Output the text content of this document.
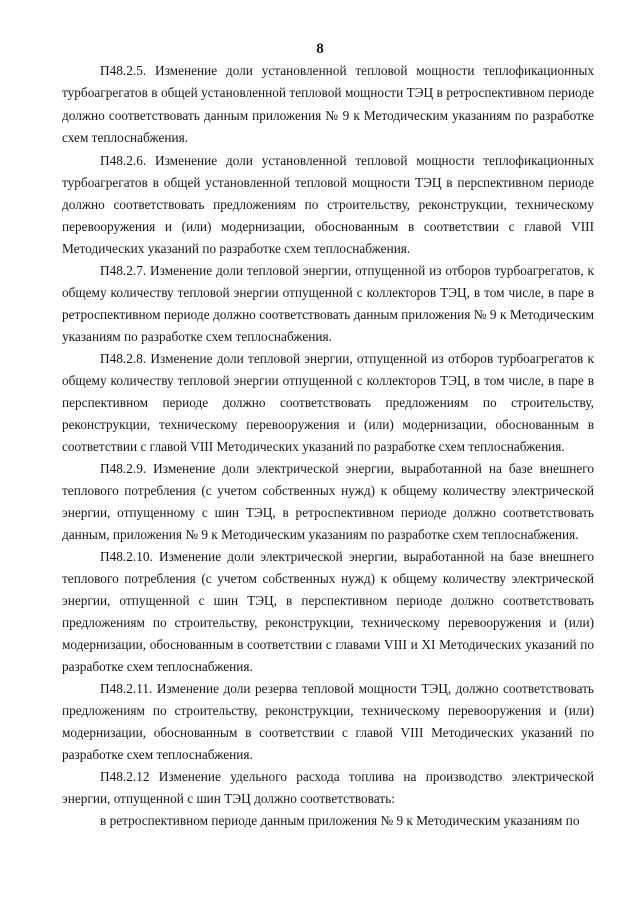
8

П48.2.5. Изменение доли установленной тепловой мощности теплофикационных турбоагрегатов в общей установленной тепловой мощности ТЭЦ в ретроспективном периоде должно соответствовать данным приложения № 9 к Методическим указаниям по разработке схем теплоснабжения.

П48.2.6. Изменение доли установленной тепловой мощности теплофикационных турбоагрегатов в общей установленной тепловой мощности ТЭЦ в перспективном периоде должно соответствовать предложениям по строительству, реконструкции, техническому перевооружения и (или) модернизации, обоснованным в соответствии с главой VIII Методических указаний по разработке схем теплоснабжения.

П48.2.7. Изменение доли тепловой энергии, отпущенной из отборов турбоагрегатов, к общему количеству тепловой энергии отпущенной с коллекторов ТЭЦ, в том числе, в паре в ретроспективном периоде должно соответствовать данным приложения № 9 к Методическим указаниям по разработке схем теплоснабжения.

П48.2.8. Изменение доли тепловой энергии, отпущенной из отборов турбоагрегатов к общему количеству тепловой энергии отпущенной с коллекторов ТЭЦ, в том числе, в паре в перспективном периоде должно соответствовать предложениям по строительству, реконструкции, техническому перевооружения и (или) модернизации, обоснованным в соответствии с главой VIII Методических указаний по разработке схем теплоснабжения.

П48.2.9. Изменение доли электрической энергии, выработанной на базе внешнего теплового потребления (с учетом собственных нужд) к общему количеству электрической энергии, отпущенному с шин ТЭЦ, в ретроспективном периоде должно соответствовать данным, приложения № 9 к Методическим указаниям по разработке схем теплоснабжения.

П48.2.10. Изменение доли электрической энергии, выработанной на базе внешнего теплового потребления (с учетом собственных нужд) к общему количеству электрической энергии, отпущенной с шин ТЭЦ, в перспективном периоде должно соответствовать предложениям по строительству, реконструкции, техническому перевооружения и (или) модернизации, обоснованным в соответствии с главами VIII и XI Методических указаний по разработке схем теплоснабжения.

П48.2.11. Изменение доли резерва тепловой мощности ТЭЦ, должно соответствовать предложениям по строительству, реконструкции, техническому перевооружения и (или) модернизации, обоснованным в соответствии с главой VIII Методических указаний по разработке схем теплоснабжения.

П48.2.12 Изменение удельного расхода топлива на производство электрической энергии, отпущенной с шин ТЭЦ должно соответствовать:

в ретроспективном периоде данным приложения № 9 к Методическим указаниям по
